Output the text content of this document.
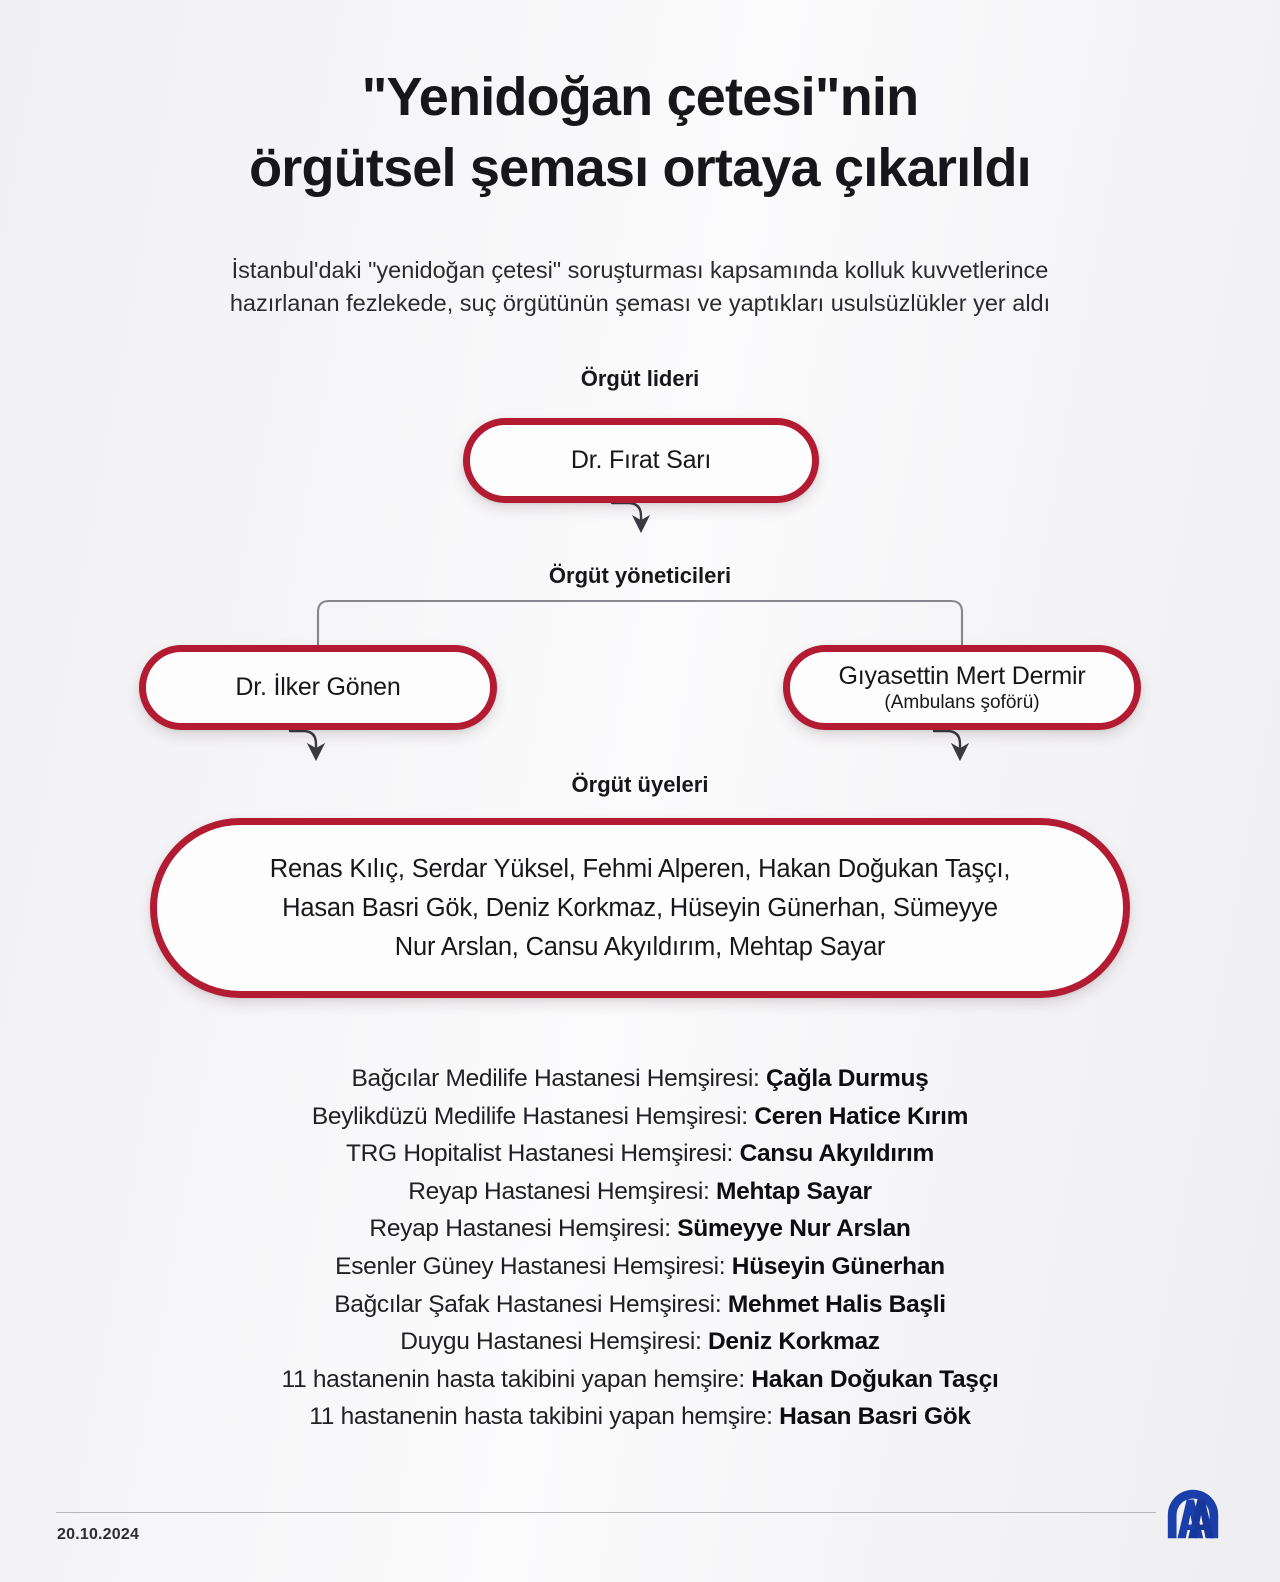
"Yenidoğan çetesi"nin
örgütsel şeması ortaya çıkarıldı
İstanbul'daki "yenidoğan çetesi" soruşturması kapsamında kolluk kuvvetlerince
hazırlanan fezlekede, suç örgütünün şeması ve yaptıkları usulsüzlükler yer aldı
Örgüt lideri
Dr. Fırat Sarı
Örgüt yöneticileri
Dr. İlker Gönen	Gıyasettin Mert Dermir
(Ambulans şoförü)
Örgüt üyeleri
Renas Kılıç, Serdar Yüksel, Fehmi Alperen, Hakan Doğukan Taşçı,
Hasan Basri Gök, Deniz Korkmaz, Hüseyin Günerhan, Sümeyye
Nur Arslan, Cansu Akyıldırım, Mehtap Sayar
Bağcılar Medilife Hastanesi Hemşiresi: Çağla Durmuş
Beylikdüzü Medilife Hastanesi Hemşiresi: Ceren Hatice Kırım
TRG Hopitalist Hastanesi Hemşiresi: Cansu Akyıldırım
Reyap Hastanesi Hemşiresi: Mehtap Sayar
Reyap Hastanesi Hemşiresi: Sümeyye Nur Arslan
Esenler Güney Hastanesi Hemşiresi: Hüseyin Günerhan
Bağcılar Şafak Hastanesi Hemşiresi: Mehmet Halis Başli
Duygu Hastanesi Hemşiresi: Deniz Korkmaz
11 hastanenin hasta takibini yapan hemşire: Hakan Doğukan Taşçı
11 hastanenin hasta takibini yapan hemşire: Hasan Basri Gök
20.10.2024
